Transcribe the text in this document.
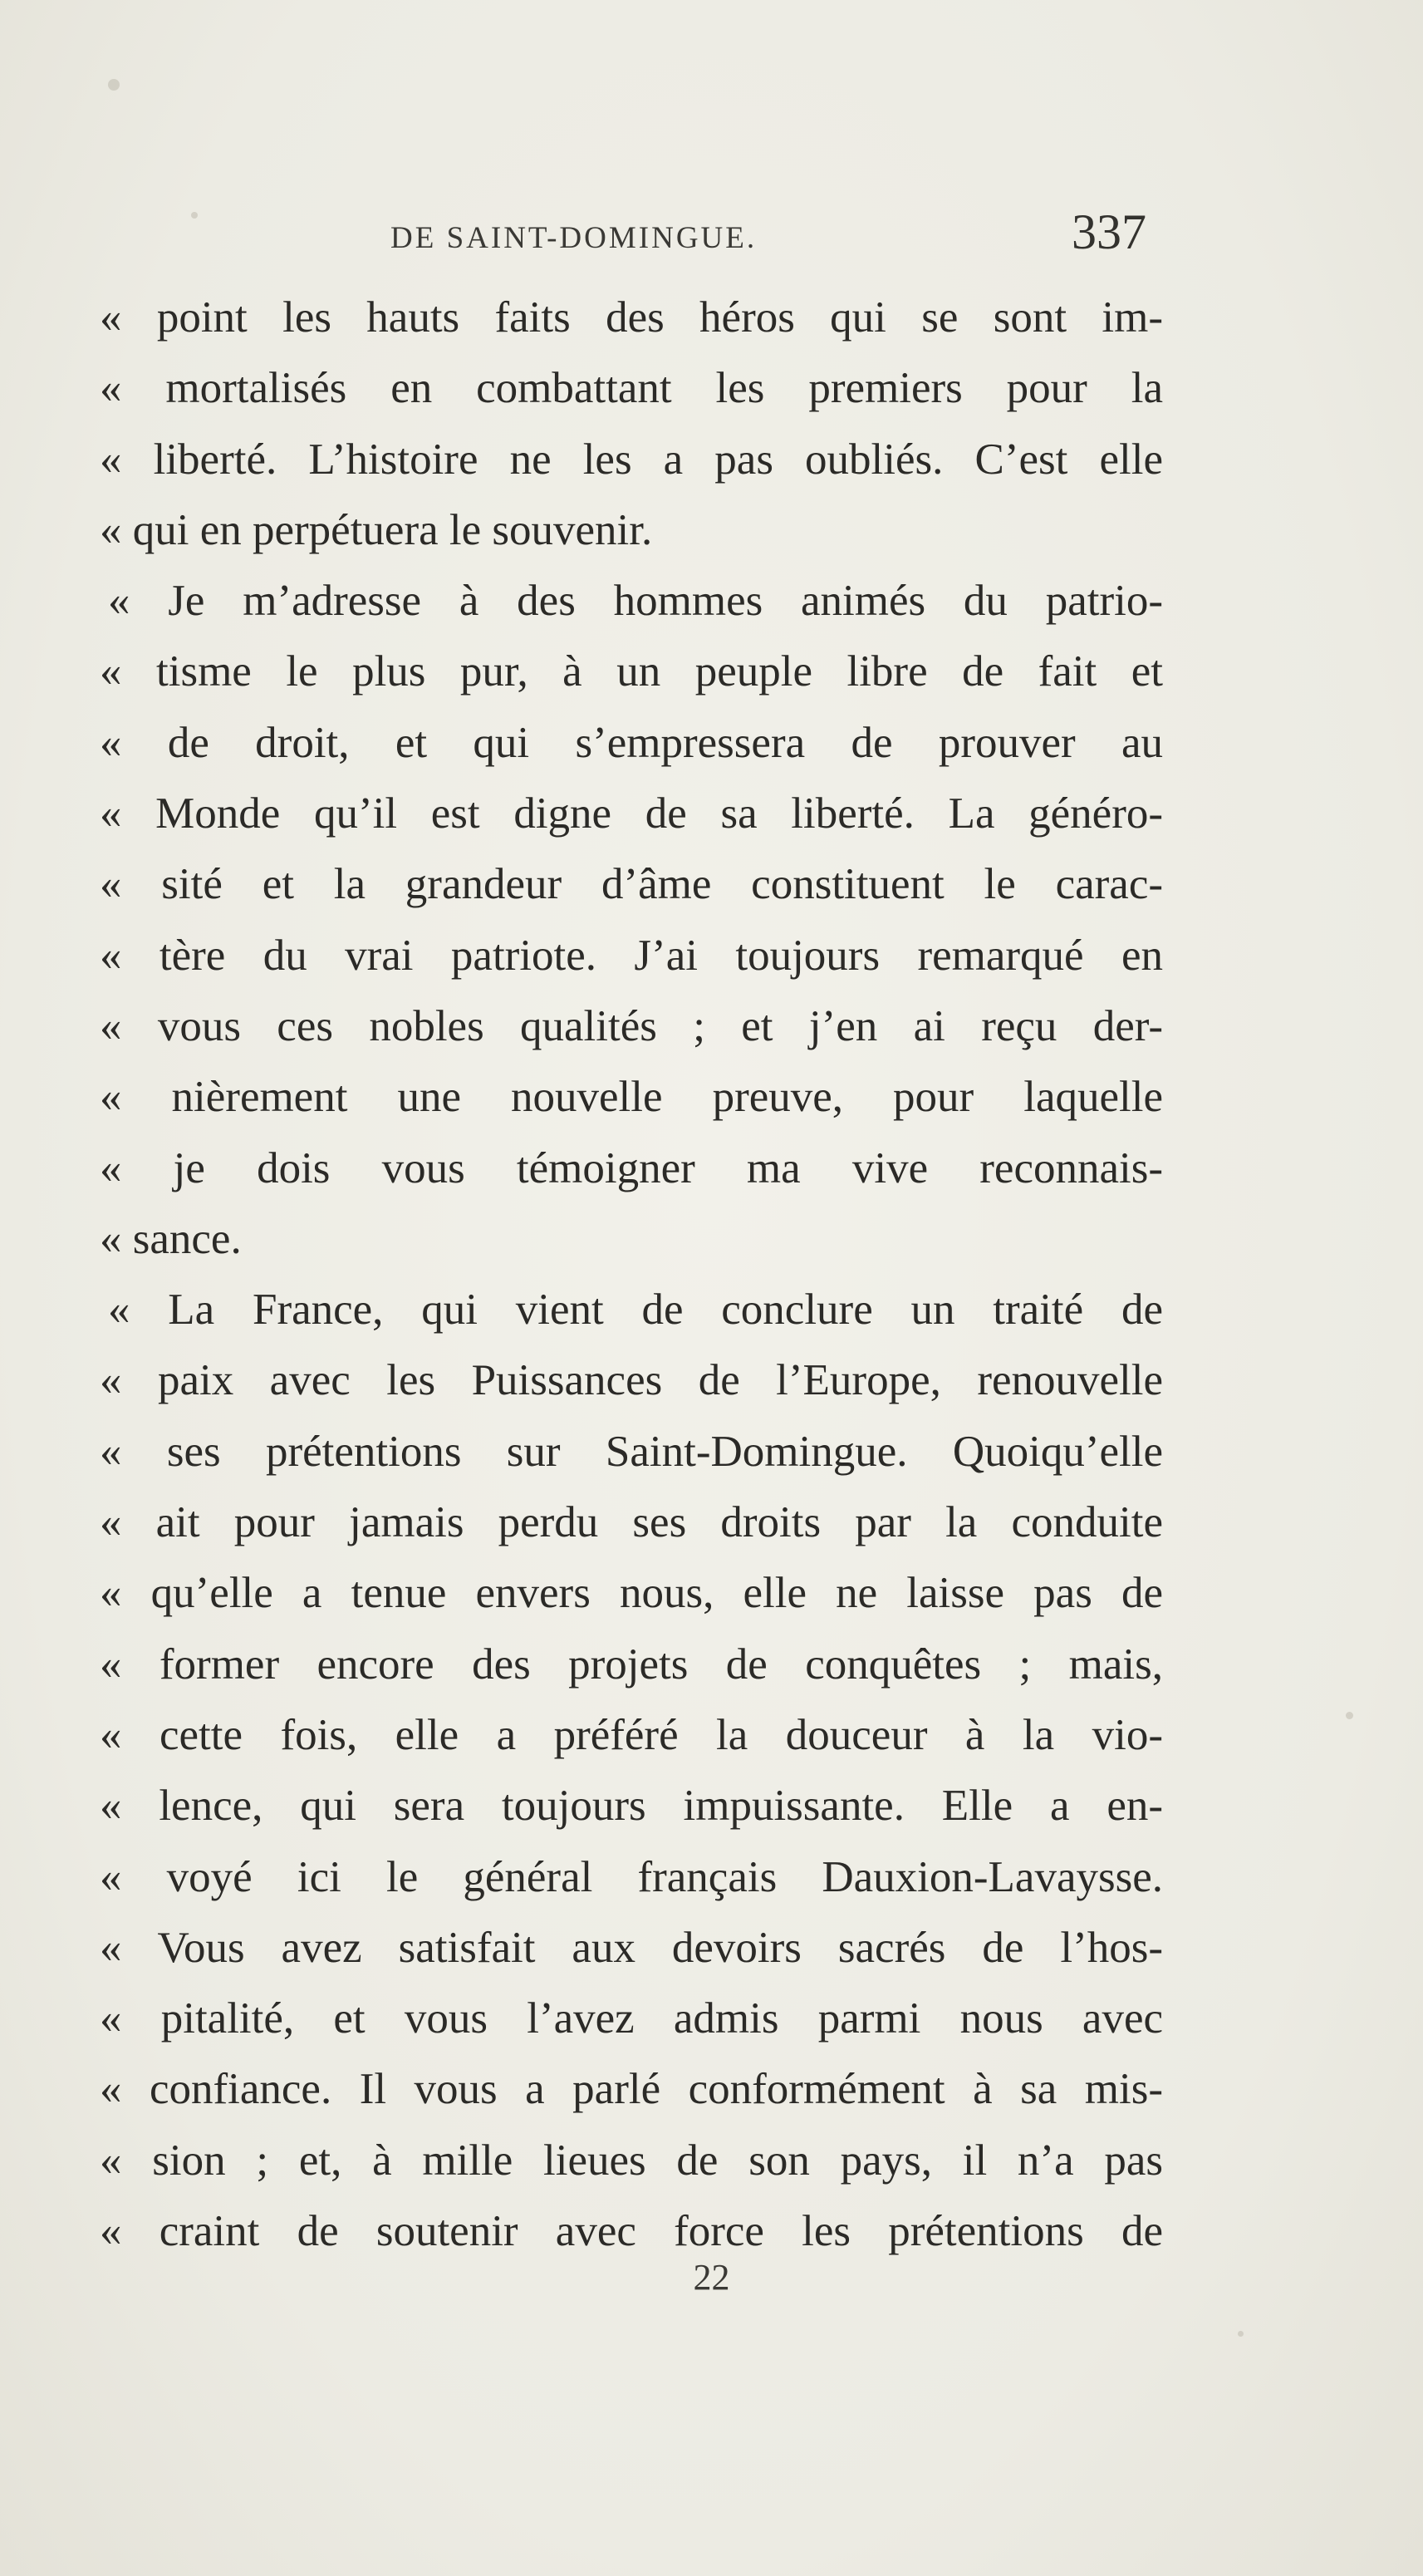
DE SAINT-DOMINGUE.	337
« point les hauts faits des héros qui se sont im-
« mortalisés en combattant les premiers pour la
« liberté. L’histoire ne les a pas oubliés. C’est elle
« qui en perpétuera le souvenir.
« Je m’adresse à des hommes animés du patrio-
« tisme le plus pur, à un peuple libre de fait et
« de droit, et qui s’empressera de prouver au
« Monde qu’il est digne de sa liberté. La généro-
« sité et la grandeur d’âme constituent le carac-
« tère du vrai patriote. J’ai toujours remarqué en
« vous ces nobles qualités ; et j’en ai reçu der-
« nièrement une nouvelle preuve, pour laquelle
« je dois vous témoigner ma vive reconnais-
« sance.
« La France, qui vient de conclure un traité de
« paix avec les Puissances de l’Europe, renouvelle
« ses prétentions sur Saint-Domingue. Quoiqu’elle
« ait pour jamais perdu ses droits par la conduite
« qu’elle a tenue envers nous, elle ne laisse pas de
« former encore des projets de conquêtes ; mais,
« cette fois, elle a préféré la douceur à la vio-
« lence, qui sera toujours impuissante. Elle a en-
« voyé ici le général français Dauxion-Lavaysse.
« Vous avez satisfait aux devoirs sacrés de l’hos-
« pitalité, et vous l’avez admis parmi nous avec
« confiance. Il vous a parlé conformément à sa mis-
« sion ; et, à mille lieues de son pays, il n’a pas
« craint de soutenir avec force les prétentions de
22
